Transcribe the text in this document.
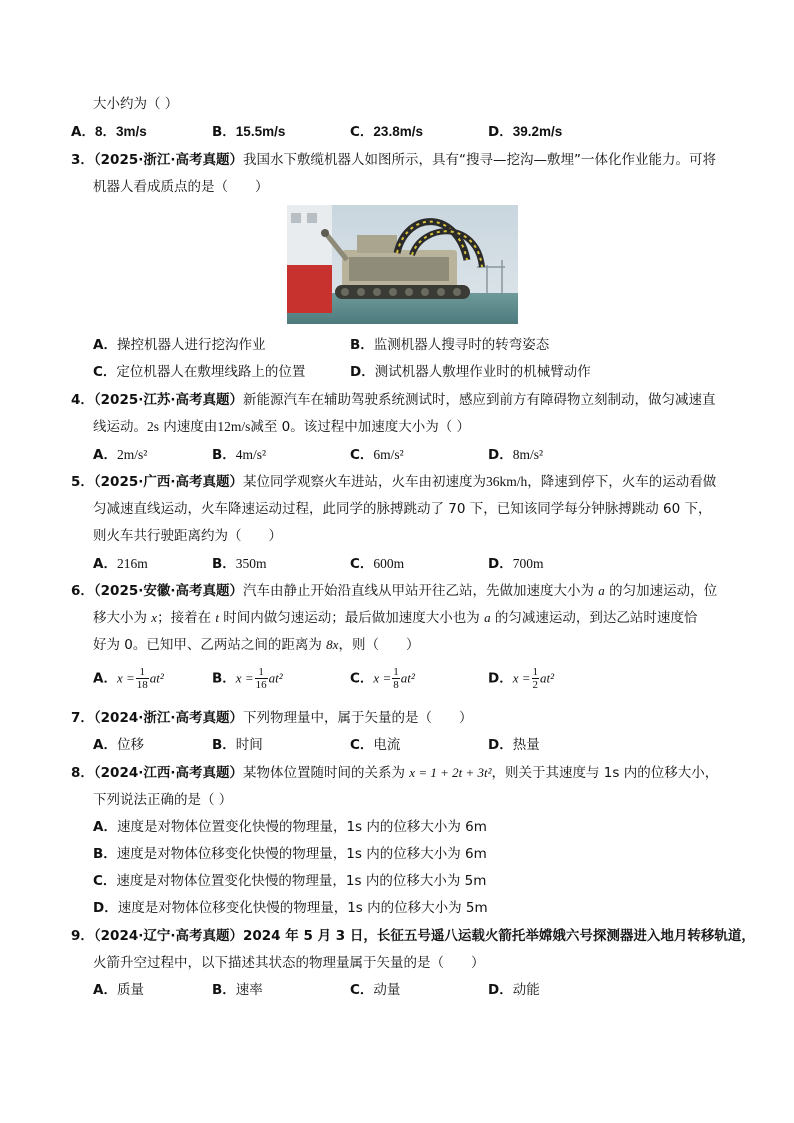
大小约为（ ）
A．8．3m/s	B．15.5m/s	C．23.8m/s	D．39.2m/s
3．（2025·浙江·高考真题）我国水下敷缆机器人如图所示，具有“搜寻—挖沟—敷埋”一体化作业能力。可将
机器人看成质点的是（　　）
A．操控机器人进行挖沟作业	B．监测机器人搜寻时的转弯姿态
C．定位机器人在敷埋线路上的位置	D．测试机器人敷埋作业时的机械臂动作
4．（2025·江苏·高考真题）新能源汽车在辅助驾驶系统测试时，感应到前方有障碍物立刻制动，做匀减速直
线运动。2s 内速度由12m/s减至 0。该过程中加速度大小为（ ）
A．2m/s²	B．4m/s²	C．6m/s²	D．8m/s²
5．（2025·广西·高考真题）某位同学观察火车进站，火车由初速度为36km/h，降速到停下，火车的运动看做
匀减速直线运动，火车降速运动过程，此同学的脉搏跳动了 70 下，已知该同学每分钟脉搏跳动 60 下，
则火车共行驶距离约为（　　）
A．216m	B．350m	C．600m	D．700m
6．（2025·安徽·高考真题）汽车由静止开始沿直线从甲站开往乙站，先做加速度大小为 a 的匀加速运动，位
移大小为 x；接着在 t 时间内做匀速运动；最后做加速度大小也为 a 的匀减速运动，到达乙站时速度恰
好为 0。已知甲、乙两站之间的距离为 8x，则（　　）
A．$x = \frac{1}{18} at^2$	B．$x = \frac{1}{16} at^2$	C．$x = \frac{1}{8} at^2$	D．$x = \frac{1}{2} at^2$
7．（2024·浙江·高考真题）下列物理量中，属于矢量的是（　　）
A．位移	B．时间	C．电流	D．热量
8．（2024·江西·高考真题）某物体位置随时间的关系为 x = 1 + 2t + 3t²，则关于其速度与 1s 内的位移大小，
下列说法正确的是（ ）
A．速度是对物体位置变化快慢的物理量，1s 内的位移大小为 6m
B．速度是对物体位移变化快慢的物理量，1s 内的位移大小为 6m
C．速度是对物体位置变化快慢的物理量，1s 内的位移大小为 5m
D．速度是对物体位移变化快慢的物理量，1s 内的位移大小为 5m
9．（2024·辽宁·高考真题）2024 年 5 月 3 日，长征五号遥八运载火箭托举嫦娥六号探测器进入地月转移轨道，
火箭升空过程中，以下描述其状态的物理量属于矢量的是（　　）
A．质量	B．速率	C．动量	D．动能
